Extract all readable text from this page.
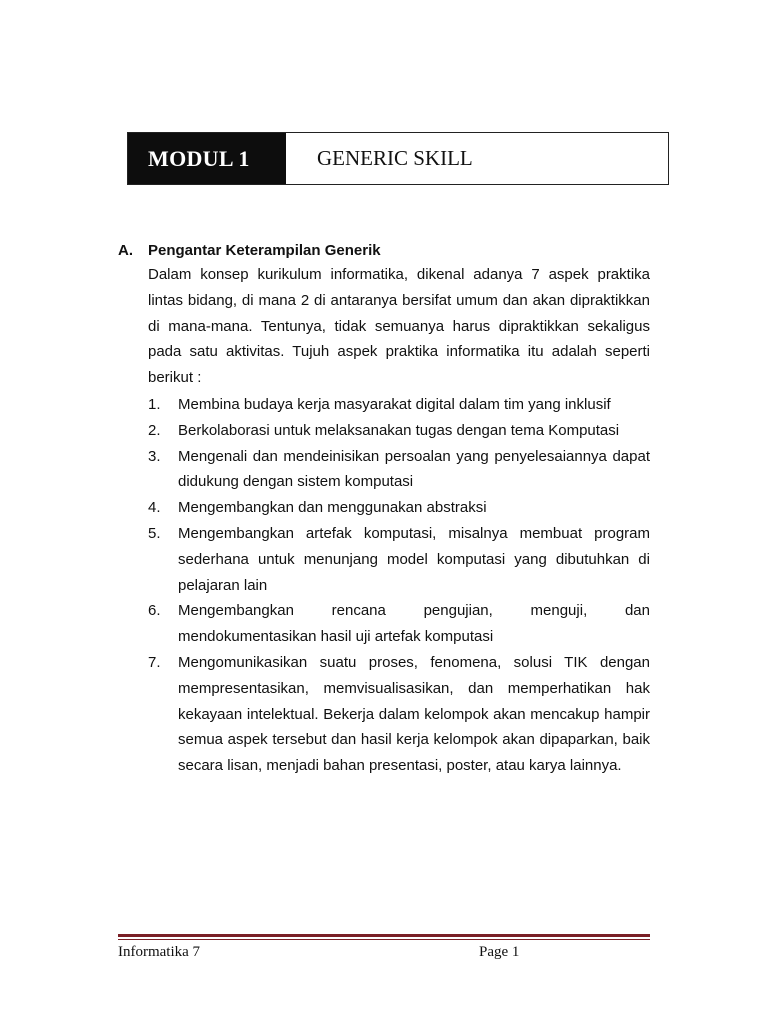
MODUL 1	GENERIC SKILL
A. Pengantar Keterampilan Generik

Dalam konsep kurikulum informatika, dikenal adanya 7 aspek praktika lintas bidang, di mana 2 di antaranya bersifat umum dan akan dipraktikkan di mana-mana. Tentunya, tidak semuanya harus dipraktikkan sekaligus pada satu aktivitas. Tujuh aspek praktika informatika itu adalah seperti berikut :

1.	Membina budaya kerja masyarakat digital dalam tim yang inklusif
2.	Berkolaborasi untuk melaksanakan tugas dengan tema Komputasi
3.	Mengenali dan mendeinisikan persoalan yang penyelesaiannya dapat didukung dengan sistem komputasi
4.	Mengembangkan dan menggunakan abstraksi
5.	Mengembangkan artefak komputasi, misalnya membuat program sederhana untuk menunjang model komputasi yang dibutuhkan di pelajaran lain
6.	Mengembangkan rencana pengujian, menguji, dan mendokumentasikan hasil uji artefak komputasi
7.	Mengomunikasikan suatu proses, fenomena, solusi TIK dengan mempresentasikan, memvisualisasikan, dan memperhatikan hak kekayaan intelektual. Bekerja dalam kelompok akan mencakup hampir semua aspek tersebut dan hasil kerja kelompok akan dipaparkan, baik secara lisan, menjadi bahan presentasi, poster, atau karya lainnya.
Informatika 7	Page 1
